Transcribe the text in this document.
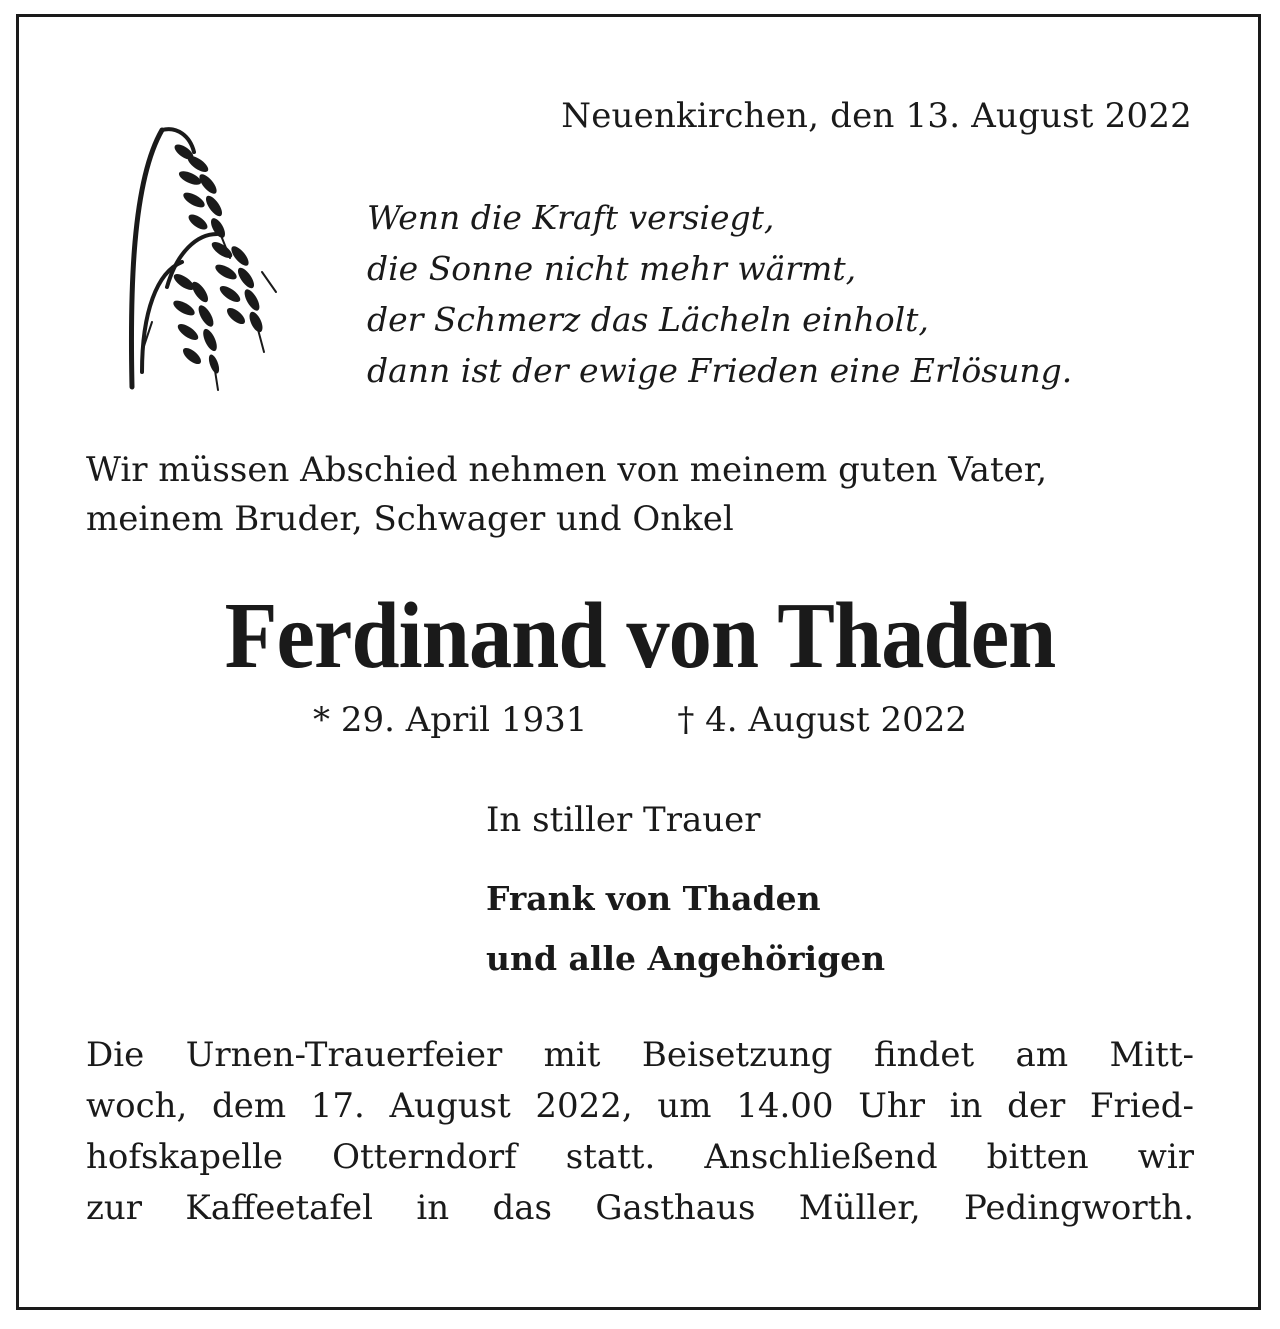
Neuenkirchen, den 13. August 2022
Wenn die Kraft versiegt,
die Sonne nicht mehr wärmt,
der Schmerz das Lächeln einholt,
dann ist der ewige Frieden eine Erlösung.
Wir müssen Abschied nehmen von meinem guten Vater,
meinem Bruder, Schwager und Onkel
Ferdinand von Thaden
* 29. April 1931	† 4. August 2022
In stiller Trauer
Frank von Thaden
und alle Angehörigen
Die Urnen-Trauerfeier mit Beisetzung findet am Mitt-
woch, dem 17. August 2022, um 14.00 Uhr in der Fried-
hofskapelle Otterndorf statt. Anschließend bitten wir
zur Kaffeetafel in das Gasthaus Müller, Pedingworth.
